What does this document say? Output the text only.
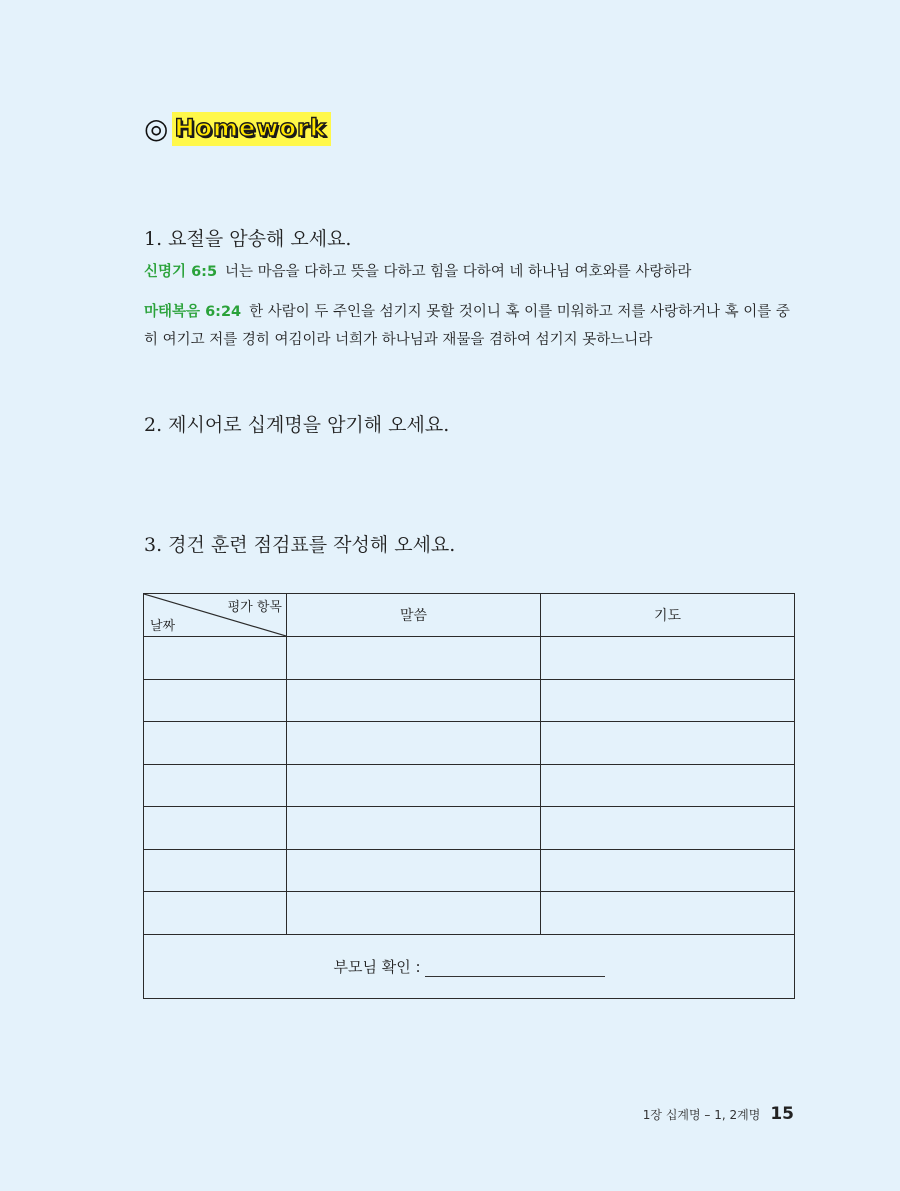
◎ Homework
1. 요절을 암송해 오세요.
신명기 6:5 너는 마음을 다하고 뜻을 다하고 힘을 다하여 네 하나님 여호와를 사랑하라
마태복음 6:24 한 사람이 두 주인을 섬기지 못할 것이니 혹 이를 미워하고 저를 사랑하거나 혹 이를 중히 여기고 저를 경히 여김이라 너희가 하나님과 재물을 겸하여 섬기지 못하느니라
2. 제시어로 십계명을 암기해 오세요.
3. 경건 훈련 점검표를 작성해 오세요.
평가 항목
날짜	말씀	기도

부모님 확인 :		
1장 십계명 – 1, 2계명 15
